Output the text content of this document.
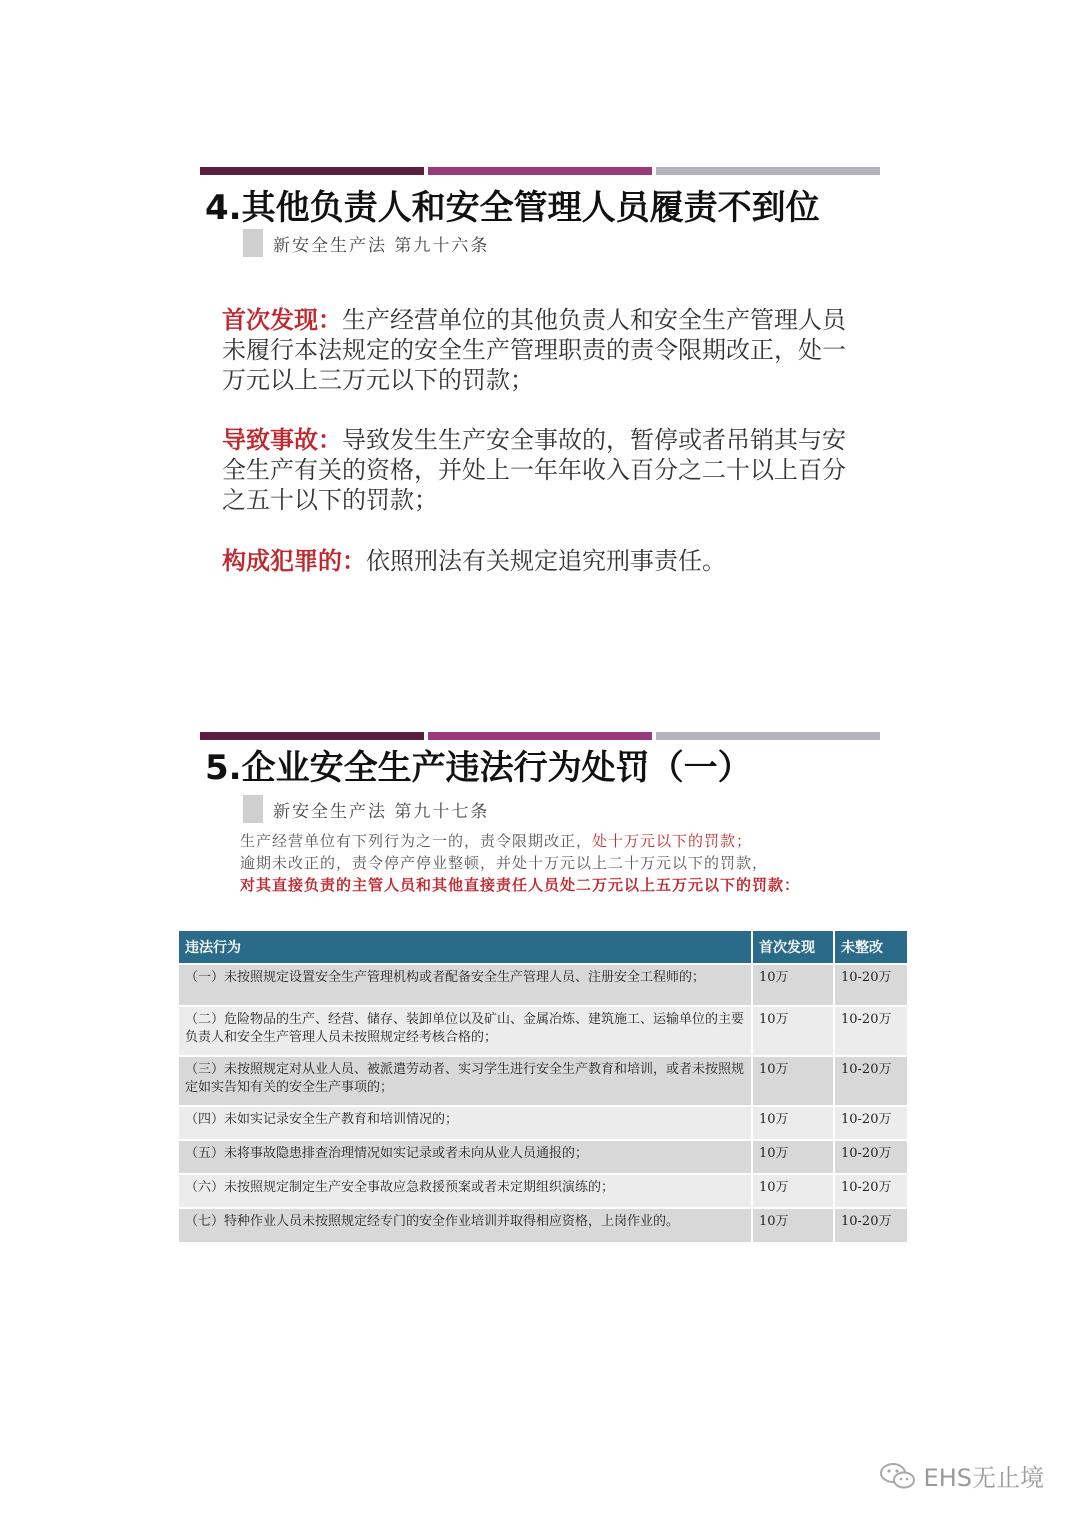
4.其他负责人和安全管理人员履责不到位
新安全生产法 第九十六条
首次发现：生产经营单位的其他负责人和安全生产管理人员未履行本法规定的安全生产管理职责的责令限期改正，处一万元以上三万元以下的罚款；
导致事故：导致发生生产安全事故的，暂停或者吊销其与安全生产有关的资格，并处上一年年收入百分之二十以上百分之五十以下的罚款；
构成犯罪的：依照刑法有关规定追究刑事责任。
5.企业安全生产违法行为处罚（一）
新安全生产法 第九十七条
生产经营单位有下列行为之一的，责令限期改正，处十万元以下的罚款；
逾期未改正的，责令停产停业整顿，并处十万元以上二十万元以下的罚款，
对其直接负责的主管人员和其他直接责任人员处二万元以上五万元以下的罚款：
违法行为	首次发现	未整改
（一）未按照规定设置安全生产管理机构或者配备安全生产管理人员、注册安全工程师的；	10万	10-20万
（二）危险物品的生产、经营、储存、装卸单位以及矿山、金属冶炼、建筑施工、运输单位的主要负责人和安全生产管理人员未按照规定经考核合格的；	10万	10-20万
（三）未按照规定对从业人员、被派遣劳动者、实习学生进行安全生产教育和培训，或者未按照规定如实告知有关的安全生产事项的；	10万	10-20万
（四）未如实记录安全生产教育和培训情况的；	10万	10-20万
（五）未将事故隐患排查治理情况如实记录或者未向从业人员通报的；	10万	10-20万
（六）未按照规定制定生产安全事故应急救援预案或者未定期组织演练的；	10万	10-20万
（七）特种作业人员未按照规定经专门的安全作业培训并取得相应资格，上岗作业的。	10万	10-20万
EHS无止境
